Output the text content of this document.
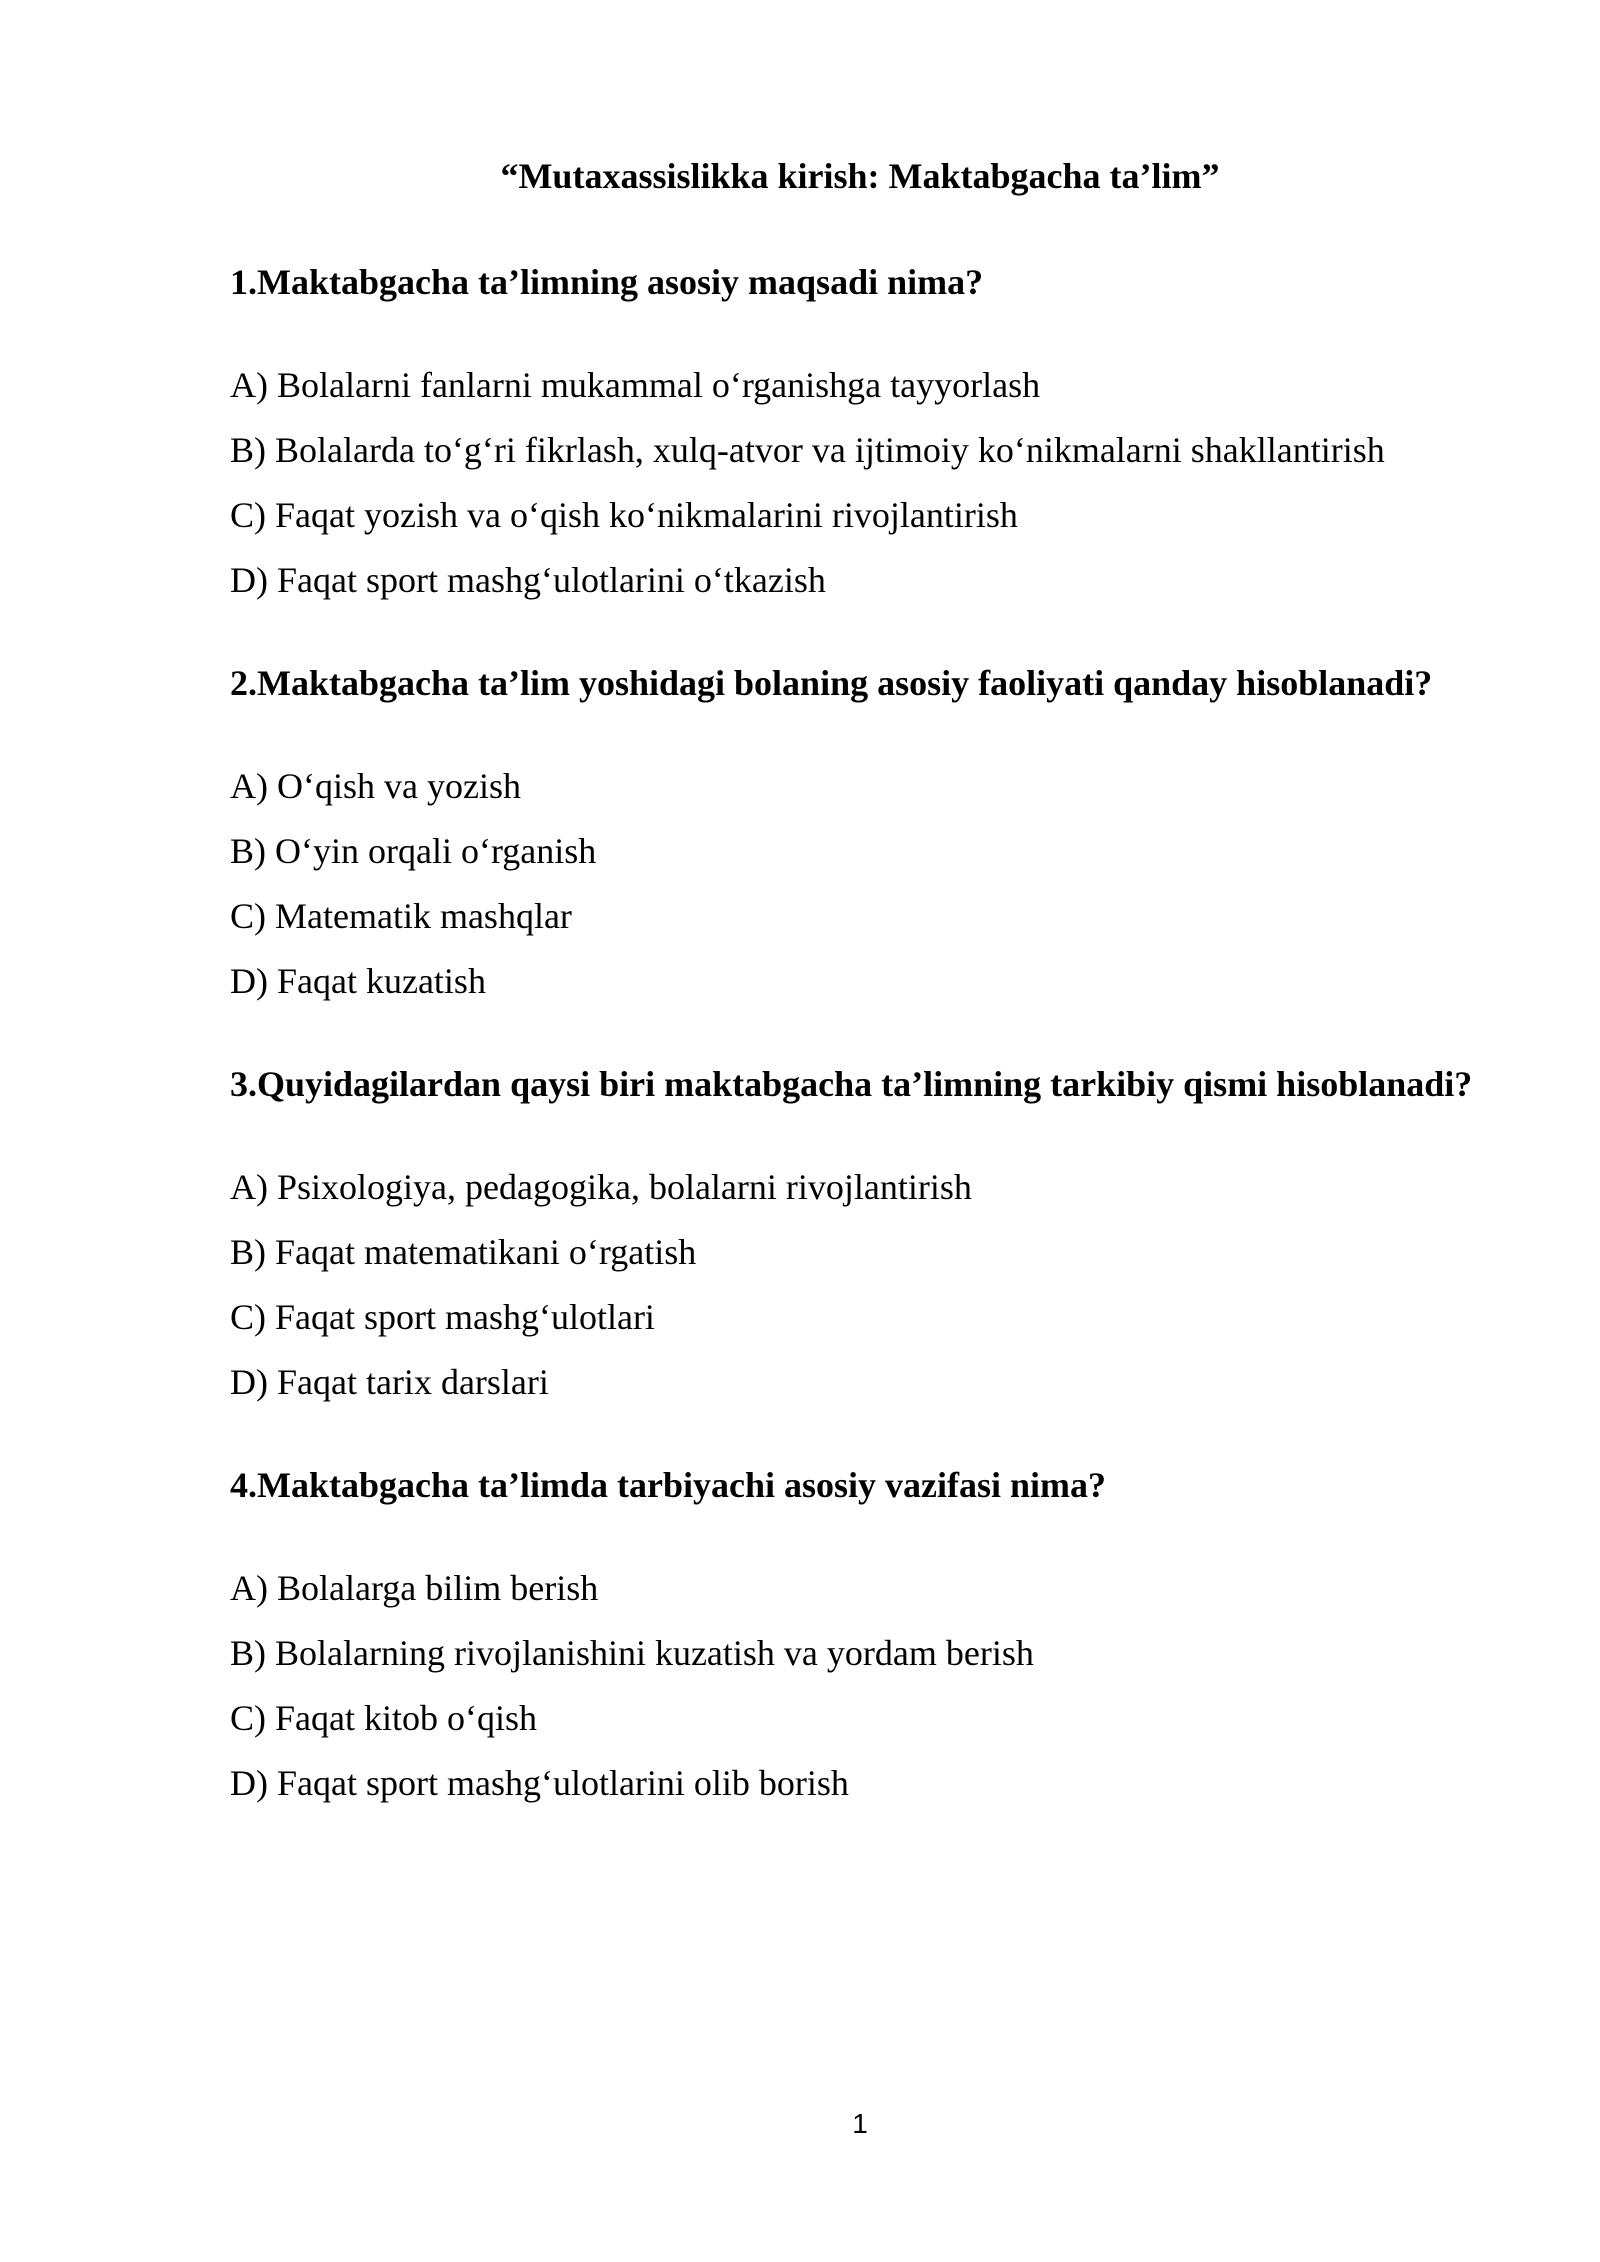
“Mutaxassislikka kirish: Maktabgacha ta’lim”

1.Maktabgacha ta’limning asosiy maqsadi nima?

A) Bolalarni fanlarni mukammal o‘rganishga tayyorlash
B) Bolalarda to‘g‘ri fikrlash, xulq-atvor va ijtimoiy ko‘nikmalarni shakllantirish
C) Faqat yozish va o‘qish ko‘nikmalarini rivojlantirish
D) Faqat sport mashg‘ulotlarini o‘tkazish

2.Maktabgacha ta’lim yoshidagi bolaning asosiy faoliyati qanday hisoblanadi?

A) O‘qish va yozish
B) O‘yin orqali o‘rganish
C) Matematik mashqlar
D) Faqat kuzatish

3.Quyidagilardan qaysi biri maktabgacha ta’limning tarkibiy qismi hisoblanadi?

A) Psixologiya, pedagogika, bolalarni rivojlantirish
B) Faqat matematikani o‘rgatish
C) Faqat sport mashg‘ulotlari
D) Faqat tarix darslari

4.Maktabgacha ta’limda tarbiyachi asosiy vazifasi nima?

A) Bolalarga bilim berish
B) Bolalarning rivojlanishini kuzatish va yordam berish
C) Faqat kitob o‘qish
D) Faqat sport mashg‘ulotlarini olib borish
1
